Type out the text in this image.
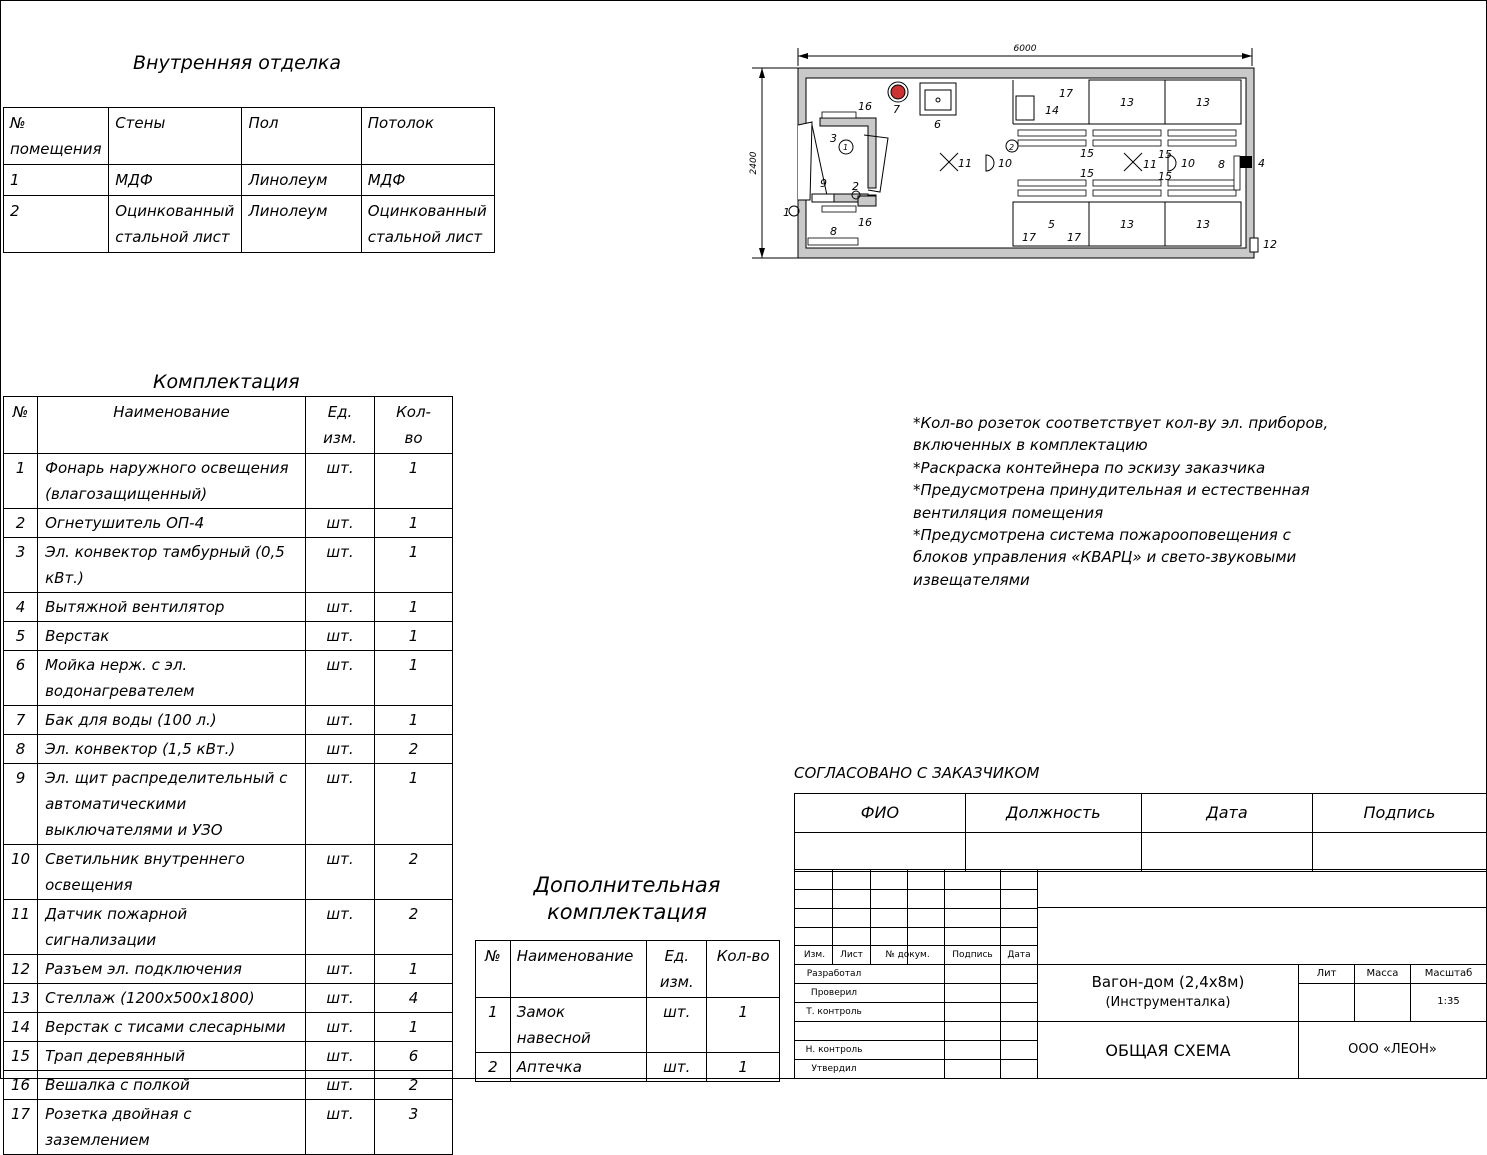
Внутренняя отделка
№ помещения	Стены	Пол	Потолок
1	МДФ	Линолеум	МДФ
2	Оцинкованный стальной лист	Линолеум	Оцинкованный стальной лист
6000
2400
16 7
6
17
14
13	13
3
1
11 10
15	15
11 10 8	4
15	15
2
9 2
1
16
8
5	13	13
17	17
12
Комплектация
№	Наименование	Ед. изм.	Кол-во
1	Фонарь наружного освещения (влагозащищенный)	шт.	1
2	Огнетушитель ОП-4	шт.	1
3	Эл. конвектор тамбурный (0,5 кВт.)	шт.	1
4	Вытяжной вентилятор	шт.	1
5	Верстак	шт.	1
6	Мойка нерж. с эл. водонагревателем	шт.	1
7	Бак для воды (100 л.)	шт.	1
8	Эл. конвектор (1,5 кВт.)	шт.	2
9	Эл. щит распределительный с автоматическими выключателями и УЗО	шт.	1
10	Светильник внутреннего освещения	шт.	2
11	Датчик пожарной сигнализации	шт.	2
12	Разъем эл. подключения	шт.	1
13	Стеллаж (1200х500х1800)	шт.	4
14	Верстак с тисами слесарными	шт.	1
15	Трап деревянный	шт.	6
16	Вешалка с полкой	шт.	2
17	Розетка двойная с заземлением	шт.	3
*Кол-во розеток соответствует кол-ву эл. приборов, включенных в комплектацию
*Раскраска контейнера по эскизу заказчика
*Предусмотрена принудительная и естественная вентиляция помещения
*Предусмотрена система пожарооповещения с блоков управления «КВАРЦ» и свето-звуковыми извещателями
СОГЛАСОВАНО С ЗАКАЗЧИКОМ
ФИО	Должность	Дата	Подпись

Дополнительная
комплектация
№	Наименование	Ед. изм.	Кол-во
1	Замок навесной	шт.	1
2	Аптечка	шт.	1
Изм.	Лист	№ докум.	Подпись	Дата
Разработал
Проверил
Т. контроль
Н. контроль
Утвердил
Вагон-дом (2,4х8м)
(Инструменталка)
ОБЩАЯ СХЕМА
Лит	Масса	Масштаб
1:35
ООО «ЛЕОН»
